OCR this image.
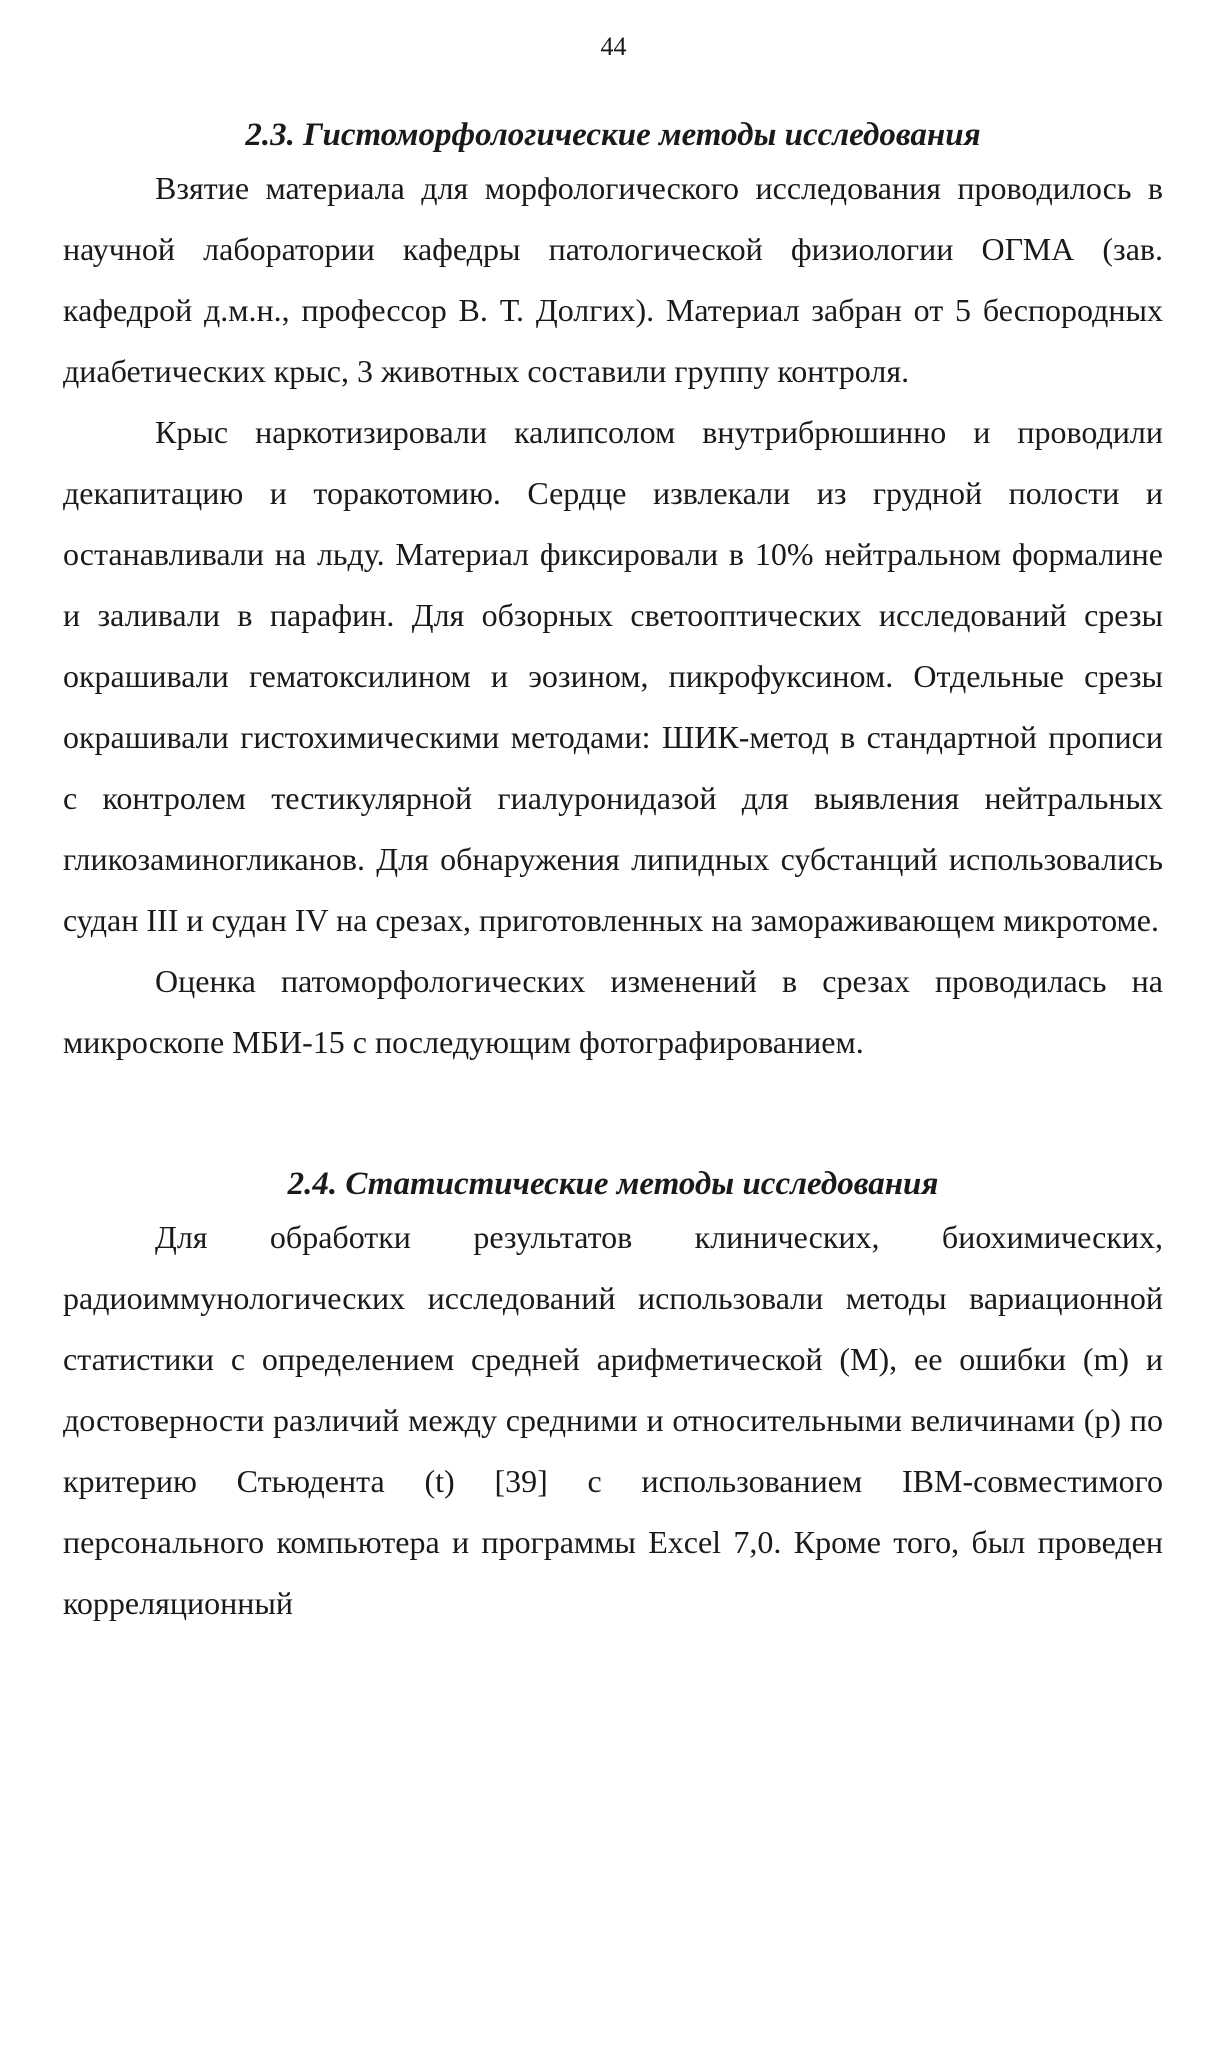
44
2.3. Гистоморфологические методы исследования

Взятие материала для морфологического исследования проводилось в научной лаборатории кафедры патологической физиологии ОГМА (зав. кафедрой д.м.н., профессор В. Т. Долгих). Материал забран от 5 беспородных диабетических крыс, 3 животных составили группу контроля.

Крыс наркотизировали калипсолом внутрибрюшинно и проводили декапитацию и торакотомию. Сердце извлекали из грудной полости и останавливали на льду. Материал фиксировали в 10% нейтральном формалине и заливали в парафин. Для обзорных светооптических исследований срезы окрашивали гематоксилином и эозином, пикрофуксином. Отдельные срезы окрашивали гистохимическими методами: ШИК-метод в стандартной прописи с контролем тестикулярной гиалуронидазой для выявления нейтральных гликозаминогликанов. Для обнаружения липидных субстанций использовались судан III и судан IV на срезах, приготовленных на замораживающем микротоме.

Оценка патоморфологических изменений в срезах проводилась на микроскопе МБИ-15 с последующим фотографированием.

2.4. Статистические методы исследования

Для обработки результатов клинических, биохимических, радиоиммунологических исследований использовали методы вариационной статистики с определением средней арифметической (М), ее ошибки (m) и достоверности различий между средними и относительными величинами (р) по критерию Стьюдента (t) [39] с использованием IBM-совместимого персонального компьютера и программы Excel 7,0. Кроме того, был проведен корреляционный
